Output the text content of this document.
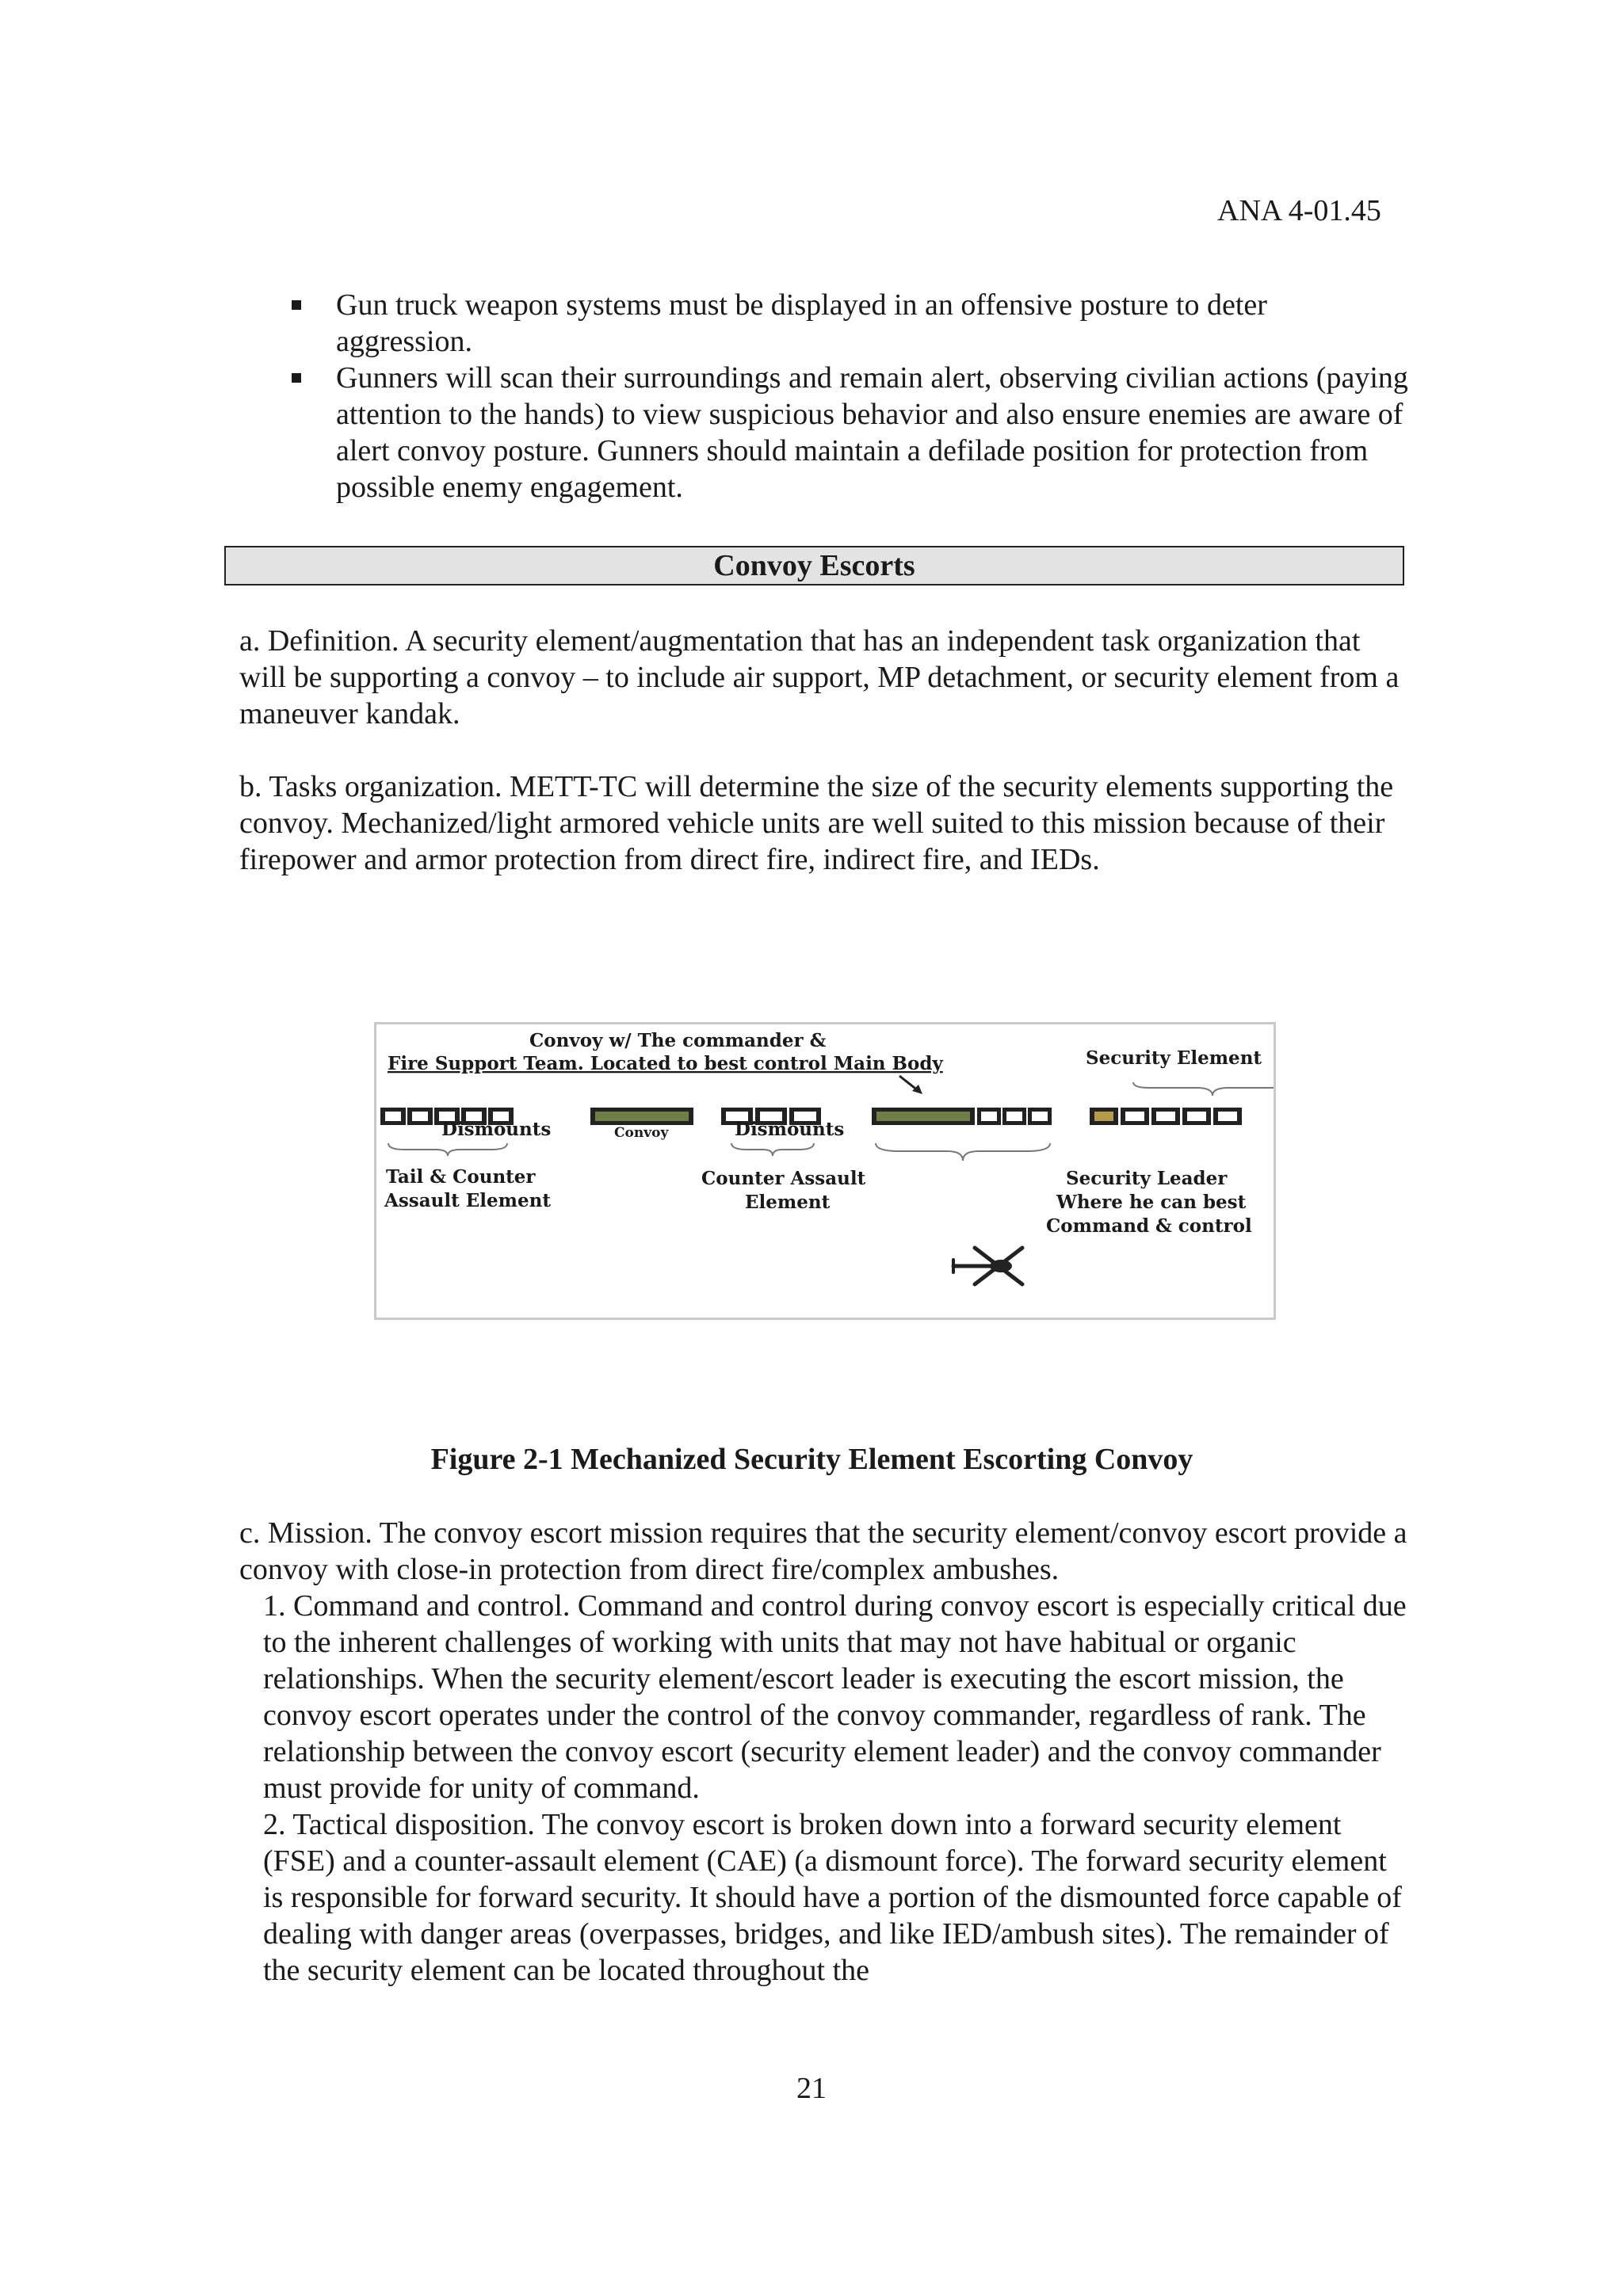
ANA 4-01.45
Gun truck weapon systems must be displayed in an offensive posture to deter aggression.
Gunners will scan their surroundings and remain alert, observing civilian actions (paying attention to the hands) to view suspicious behavior and also ensure enemies are aware of alert convoy posture. Gunners should maintain a defilade position for protection from possible enemy engagement.
Convoy Escorts

a. Definition. A security element/augmentation that has an independent task organization that will be supporting a convoy – to include air support, MP detachment, or security element from a maneuver kandak.

b. Tasks organization. METT-TC will determine the size of the security elements supporting the convoy. Mechanized/light armored vehicle units are well suited to this mission because of their firepower and armor protection from direct fire, indirect fire, and IEDs.

Convoy w/ The commander &
Fire Support Team. Located to best control Main Body	Security Element
Dismounts	Convoy	Dismounts
Tail & Counter
Assault Element
Counter Assault
Element
Security Leader
Where he can best
Command & control
Figure 2-1 Mechanized Security Element Escorting Convoy

c. Mission. The convoy escort mission requires that the security element/convoy escort provide a convoy with close-in protection from direct fire/complex ambushes.

1. Command and control. Command and control during convoy escort is especially critical due to the inherent challenges of working with units that may not have habitual or organic relationships. When the security element/escort leader is executing the escort mission, the convoy escort operates under the control of the convoy commander, regardless of rank. The relationship between the convoy escort (security element leader) and the convoy commander must provide for unity of command.

2. Tactical disposition. The convoy escort is broken down into a forward security element (FSE) and a counter-assault element (CAE) (a dismount force). The forward security element is responsible for forward security. It should have a portion of the dismounted force capable of dealing with danger areas (overpasses, bridges, and like IED/ambush sites). The remainder of the security element can be located throughout the

21
